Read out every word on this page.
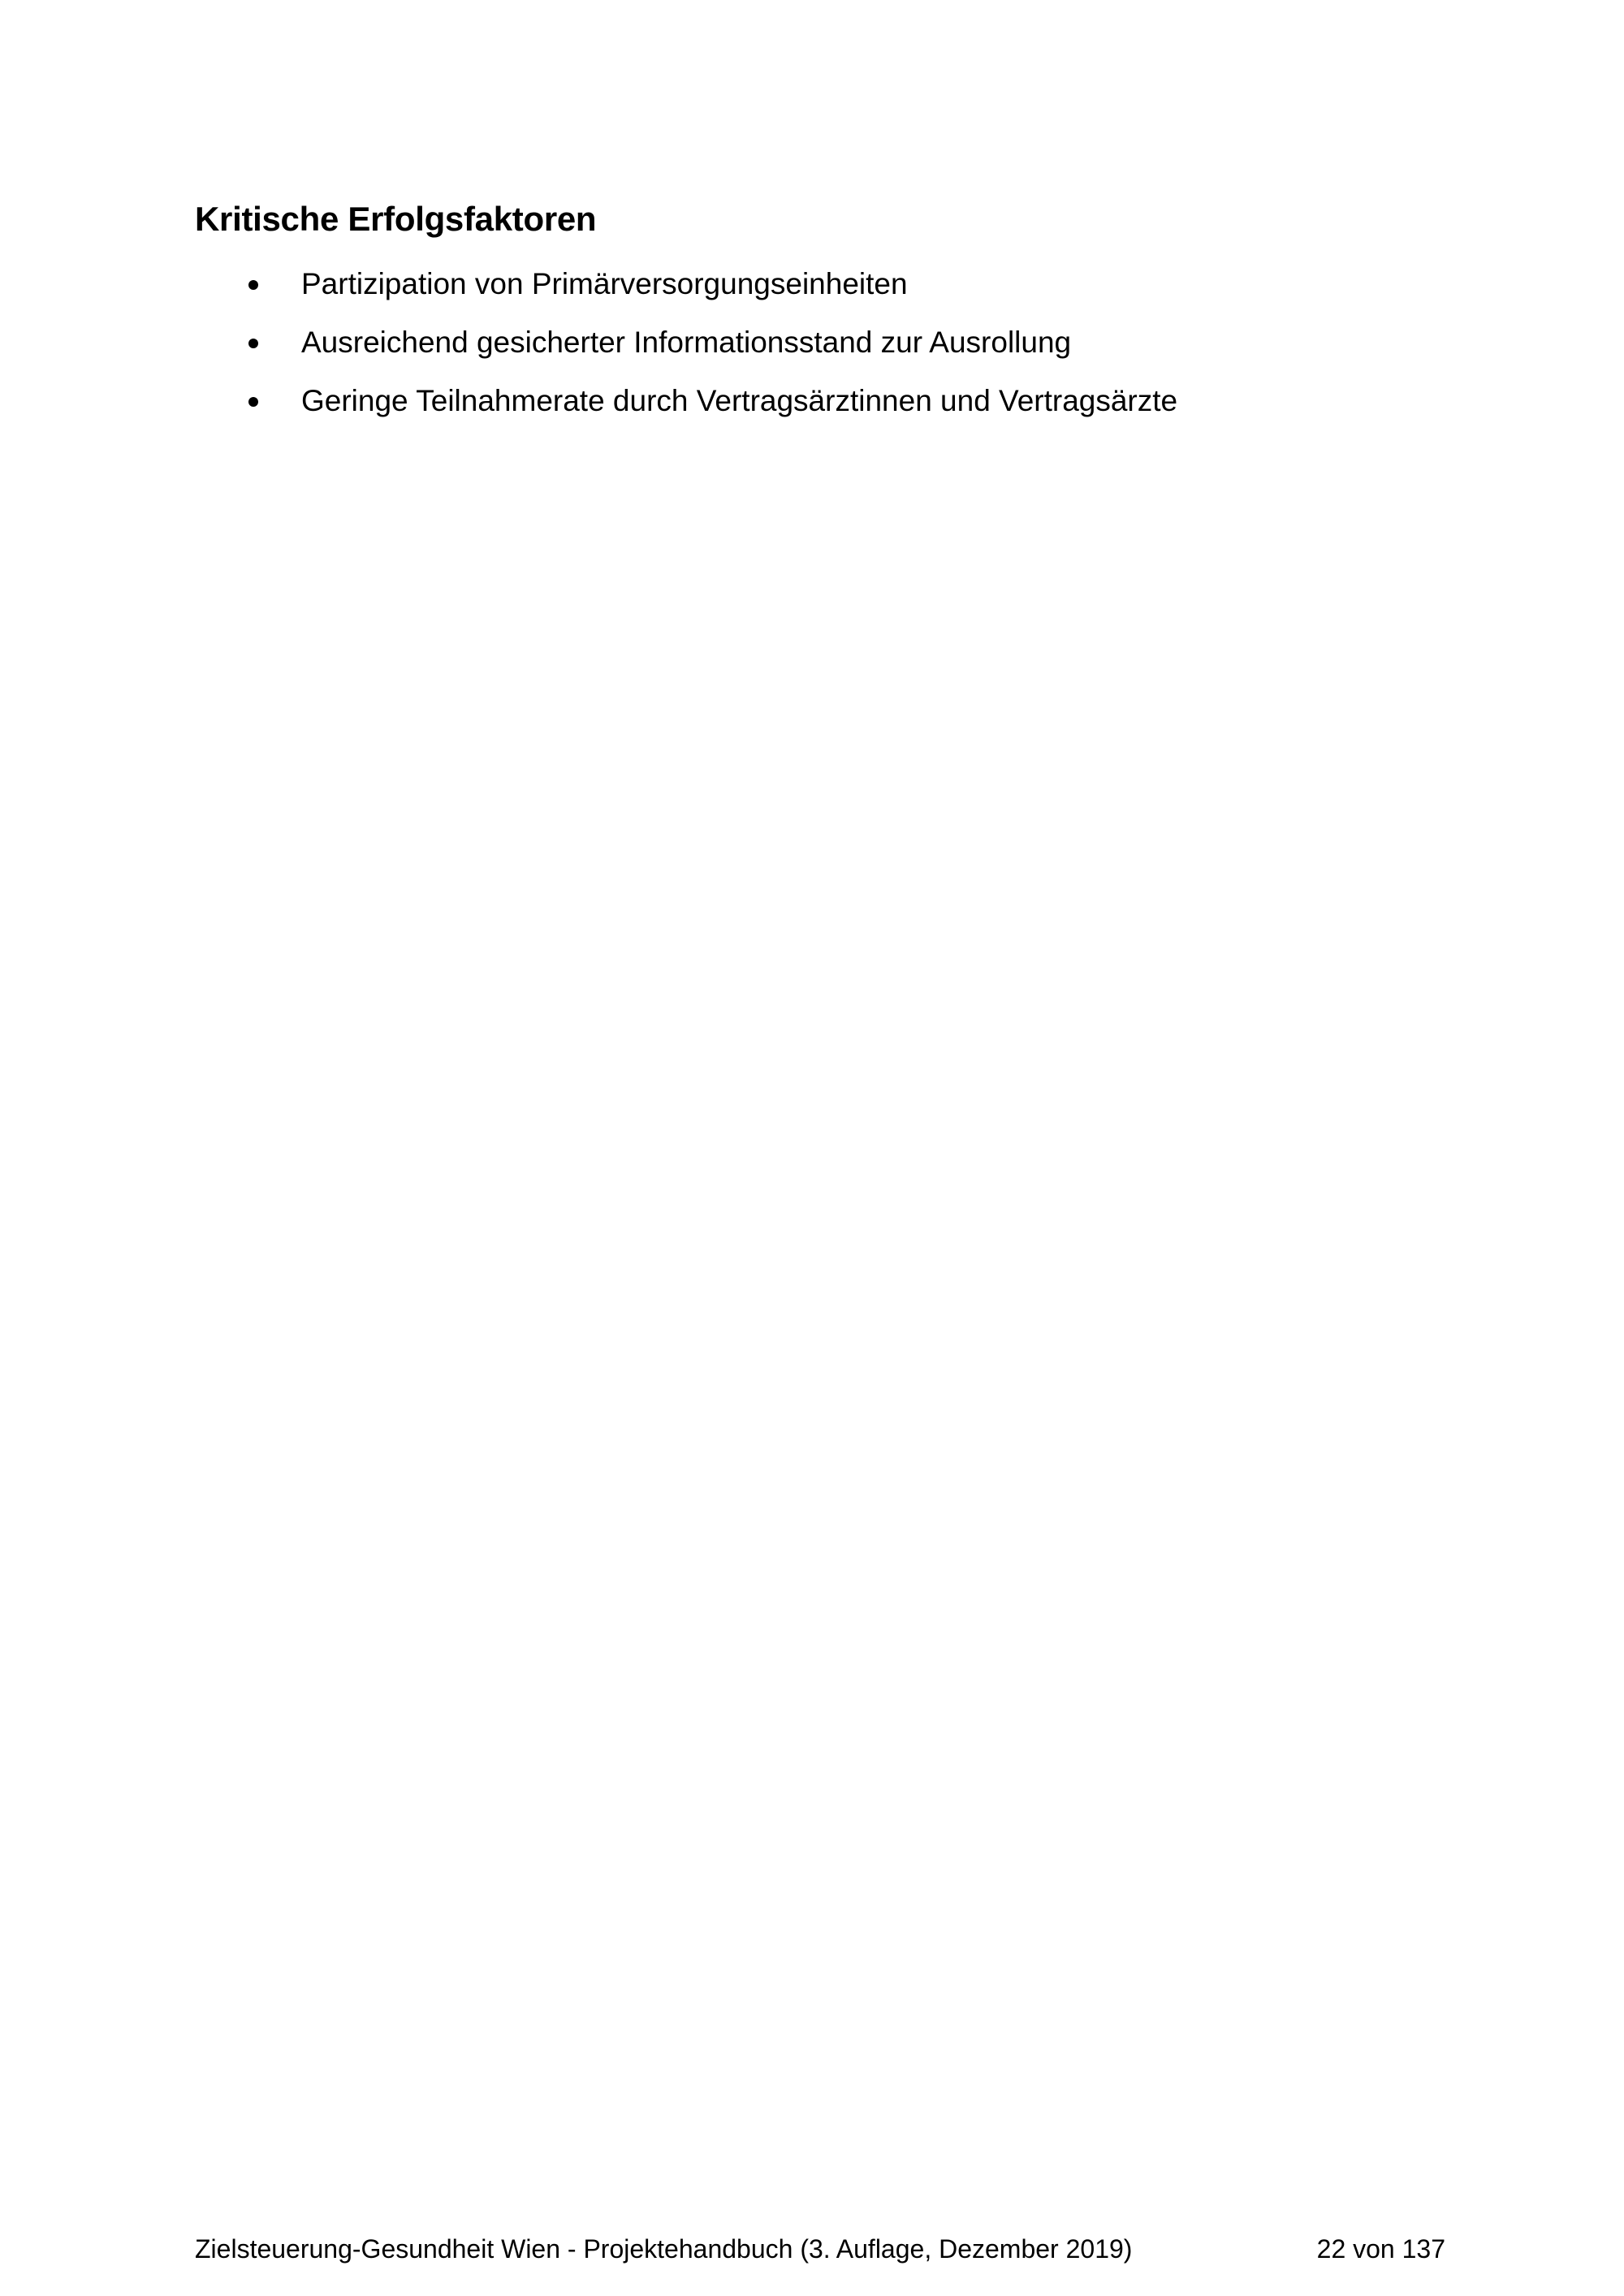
Kritische Erfolgsfaktoren
Partizipation von Primärversorgungseinheiten
Ausreichend gesicherter Informationsstand zur Ausrollung
Geringe Teilnahmerate durch Vertragsärztinnen und Vertragsärzte
Zielsteuerung-Gesundheit Wien - Projektehandbuch (3. Auflage, Dezember 2019)	22 von 137
